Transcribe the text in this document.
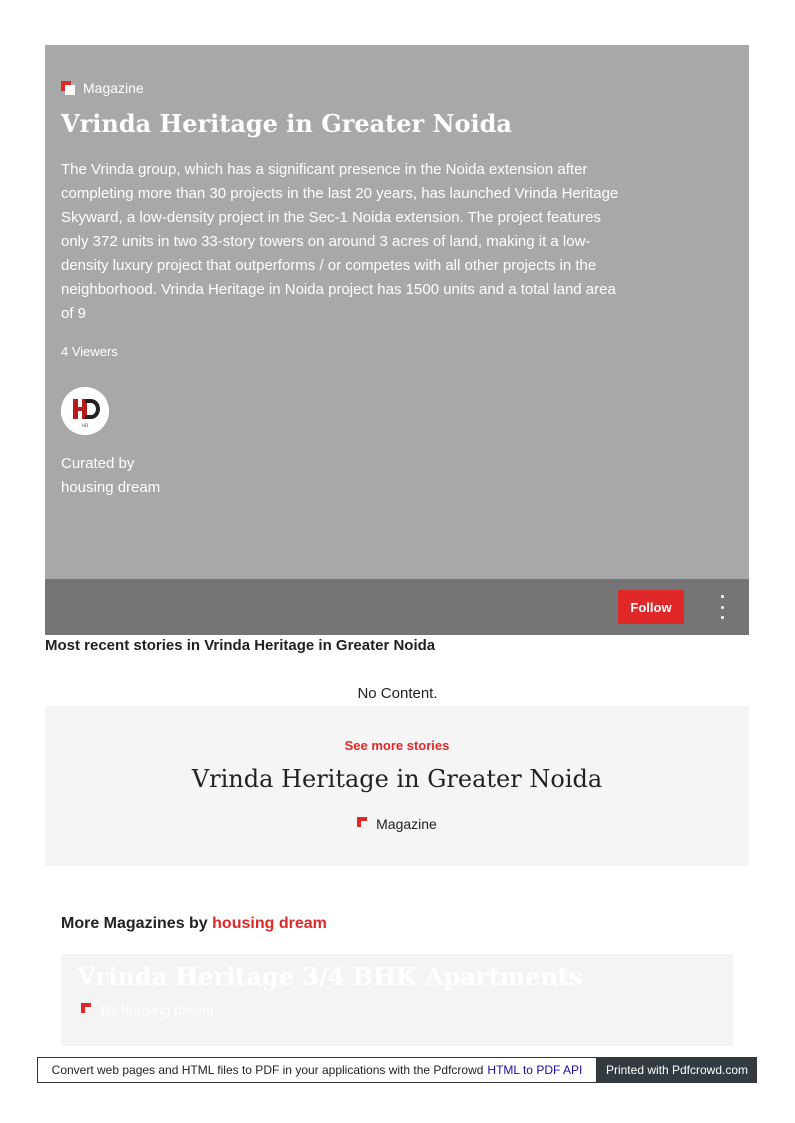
Magazine
Vrinda Heritage in Greater Noida

The Vrinda group, which has a significant presence in the Noida extension after completing more than 30 projects in the last 20 years, has launched Vrinda Heritage Skyward, a low-density project in the Sec-1 Noida extension. The project features only 372 units in two 33-story towers on around 3 acres of land, making it a low-density luxury project that outperforms / or competes with all other projects in the neighborhood. Vrinda Heritage in Noida project has 1500 units and a total land area of 9

4 Viewers
HD
Curated by
housing dream
Follow
Most recent stories in Vrinda Heritage in Greater Noida
No Content.
See more stories
Vrinda Heritage in Greater Noida
Magazine
More Magazines by housing dream
Vrinda Heritage 3/4 BHK Apartments
By housing dream
Convert web pages and HTML files to PDF in your applications with the Pdfcrowd HTML to PDF API	Printed with Pdfcrowd.com
